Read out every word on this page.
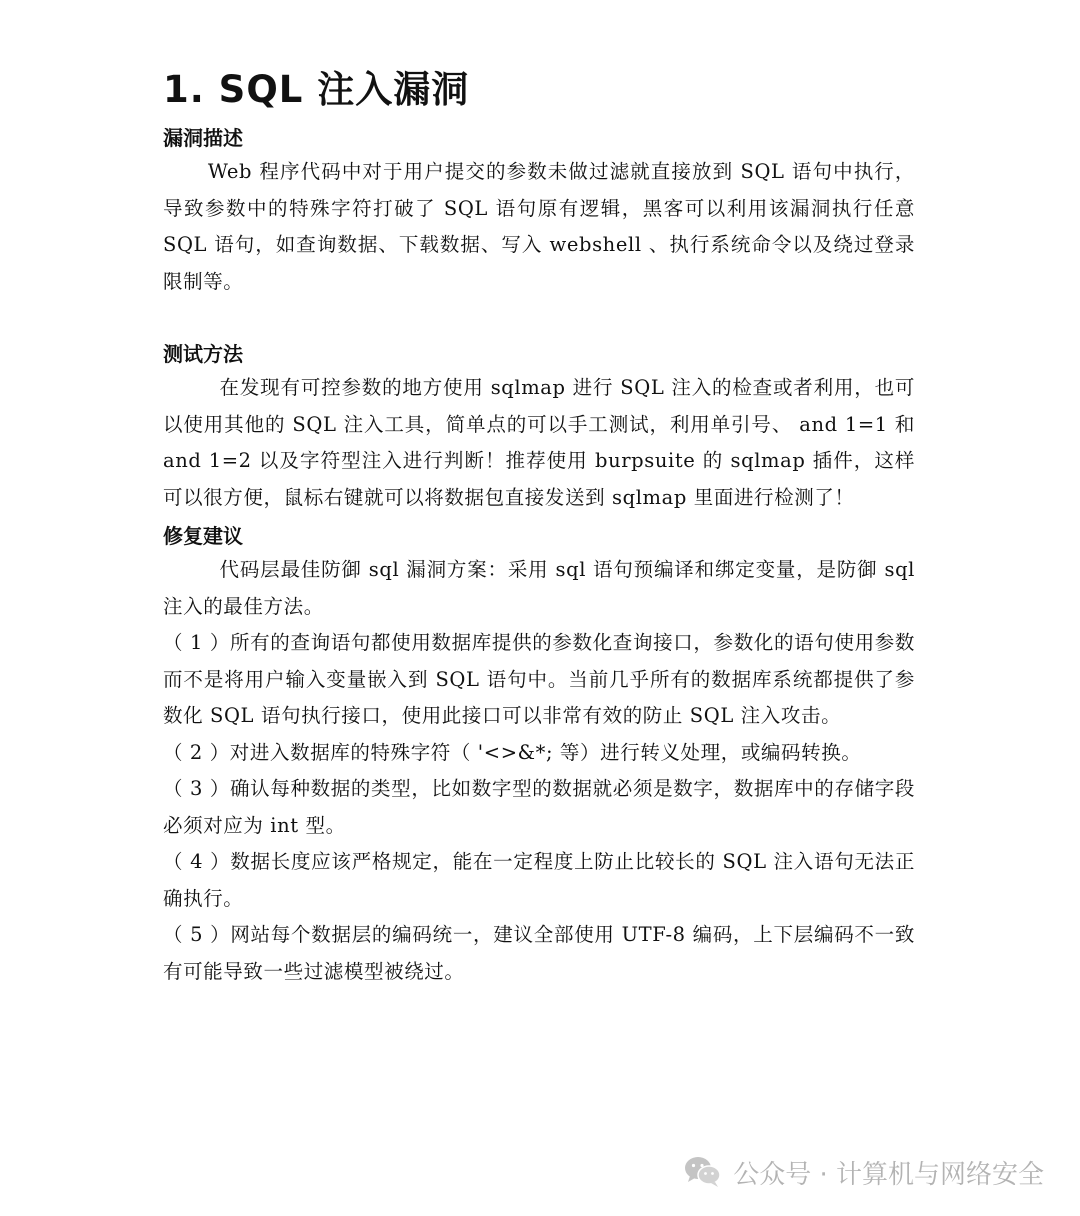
1. SQL 注入漏洞
漏洞描述

Web 程序代码中对于用户提交的参数未做过滤就直接放到 SQL 语句中执行，导致参数中的特殊字符打破了 SQL 语句原有逻辑，黑客可以利用该漏洞执行任意 SQL 语句，如查询数据、下载数据、写入 webshell 、执行系统命令以及绕过登录限制等。

测试方法

在发现有可控参数的地方使用 sqlmap 进行 SQL 注入的检查或者利用，也可以使用其他的 SQL 注入工具，简单点的可以手工测试，利用单引号、 and 1=1 和 and 1=2 以及字符型注入进行判断！推荐使用 burpsuite 的 sqlmap 插件，这样可以很方便，鼠标右键就可以将数据包直接发送到 sqlmap 里面进行检测了！

修复建议

代码层最佳防御 sql 漏洞方案：采用 sql 语句预编译和绑定变量，是防御 sql 注入的最佳方法。

（ 1 ）所有的查询语句都使用数据库提供的参数化查询接口，参数化的语句使用参数而不是将用户输入变量嵌入到 SQL 语句中。当前几乎所有的数据库系统都提供了参数化 SQL 语句执行接口，使用此接口可以非常有效的防止 SQL 注入攻击。

（ 2 ）对进入数据库的特殊字符（ '<>&*; 等）进行转义处理，或编码转换。

（ 3 ）确认每种数据的类型，比如数字型的数据就必须是数字，数据库中的存储字段必须对应为 int 型。

（ 4 ）数据长度应该严格规定，能在一定程度上防止比较长的 SQL 注入语句无法正确执行。

（ 5 ）网站每个数据层的编码统一，建议全部使用 UTF-8 编码，上下层编码不一致有可能导致一些过滤模型被绕过。

公众号 · 计算机与网络安全
